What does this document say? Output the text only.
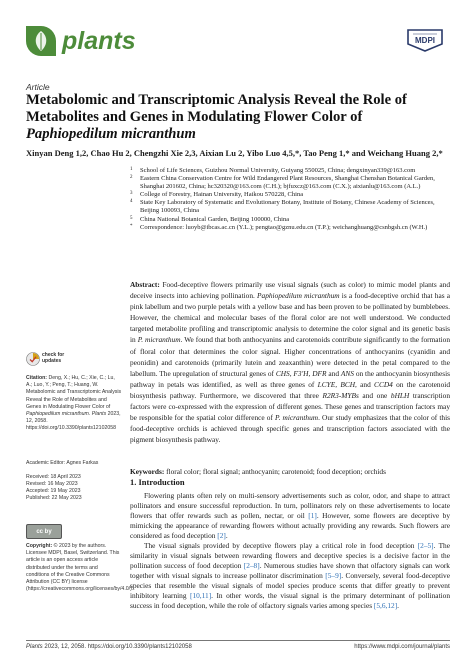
plants	MDPI
Article
Metabolomic and Transcriptomic Analysis Reveal the Role of Metabolites and Genes in Modulating Flower Color of Paphiopedilum micranthum
Xinyan Deng 1,2, Chao Hu 2, Chengzhi Xie 2,3, Aixian Lu 2, Yibo Luo 4,5,*, Tao Peng 1,* and Weichang Huang 2,*
1	School of Life Sciences, Guizhou Normal University, Guiyang 550025, China; dengxinyan339@163.com
2	Eastern China Conservation Centre for Wild Endangered Plant Resources, Shanghai Chenshan Botanical Garden, Shanghai 201602, China; hc320320@163.com (C.H.); bjfuxcz@163.com (C.X.); aixianlu@163.com (A.L.)
3	College of Forestry, Hainan University, Haikou 570228, China
4	State Key Laboratory of Systematic and Evolutionary Botany, Institute of Botany, Chinese Academy of Sciences, Beijing 100093, China
5	China National Botanical Garden, Beijing 100000, China
*	Correspondence: luoyb@ibcas.ac.cn (Y.L.); pengtao@gznu.edu.cn (T.P.); weichanghuang@csnbgsh.cn (W.H.)
Abstract: Food-deceptive flowers primarily use visual signals (such as color) to mimic model plants and deceive insects into achieving pollination. Paphiopedilum micranthum is a food-deceptive orchid that has a pink labellum and two purple petals with a yellow base and has been proven to be pollinated by bumblebees. However, the chemical and molecular bases of the floral color are not well understood. We conducted targeted metabolite profiling and transcriptomic analysis to determine the color signal and its genetic basis in P. micranthum. We found that both anthocyanins and carotenoids contribute significantly to the formation of floral color that determines the color signal. Higher concentrations of anthocyanins (cyanidin and peonidin) and carotenoids (primarily lutein and zeaxanthin) were detected in the petal compared to the labellum. The upregulation of structural genes of CHS, F3′H, DFR and ANS on the anthocyanin biosynthesis pathway in petals was identified, as well as three genes of LCYE, BCH, and CCD4 on the carotenoid biosynthesis pathway. Furthermore, we discovered that three R2R3-MYBs and one bHLH transcription factors were co-expressed with the expression of different genes. These genes and transcription factors may be responsible for the spatial color difference of P. micranthum. Our study emphasizes that the color of this food-deceptive orchids is achieved through specific genes and transcription factors associated with the pigment biosynthesis pathway.
Keywords: floral color; floral signal; anthocyanin; carotenoid; food deception; orchids
1. Introduction

Flowering plants often rely on multi-sensory advertisements such as color, odor, and shape to attract pollinators and ensure successful reproduction. In turn, pollinators rely on these advertisements to locate flowers that offer rewards such as pollen, nectar, or oil [1]. However, some flowers are deceptive by mimicking the appearance of rewarding flowers without actually providing any rewards. Such flowers are considered as food deception [2].

The visual signals provided by deceptive flowers play a critical role in food deception [2–5]. The similarity in visual signals between rewarding flowers and deceptive species is a decisive factor in the pollination success of food deception [2–8]. Numerous studies have shown that olfactory signals can work together with visual signals to increase pollinator discrimination [5–9]. Conversely, several food-deceptive species that resemble the visual signals of model species produce scents that differ greatly to prevent inhibitory learning [10,11]. In other words, the visual signal is the primary determinant of pollination success in food deception, while the role of olfactory signals varies among species [5,6,12].

check for
updates
Citation: Deng, X.; Hu, C.; Xie, C.; Lu, A.; Luo, Y.; Peng, T.; Huang, W. Metabolomic and Transcriptomic Analysis Reveal the Role of Metabolites and Genes in Modulating Flower Color of Paphiopedilum micranthum. Plants 2023, 12, 2058. https://doi.org/10.3390/plants12102058
Academic Editor: Agnes Farkas
Received: 18 April 2023
Revised: 16 May 2023
Accepted: 19 May 2023
Published: 22 May 2023
cc by
Copyright: © 2023 by the authors. Licensee MDPI, Basel, Switzerland. This article is an open access article distributed under the terms and conditions of the Creative Commons Attribution (CC BY) license (https://creativecommons.org/licenses/by/4.0/).
Plants 2023, 12, 2058. https://doi.org/10.3390/plants12102058	https://www.mdpi.com/journal/plants
